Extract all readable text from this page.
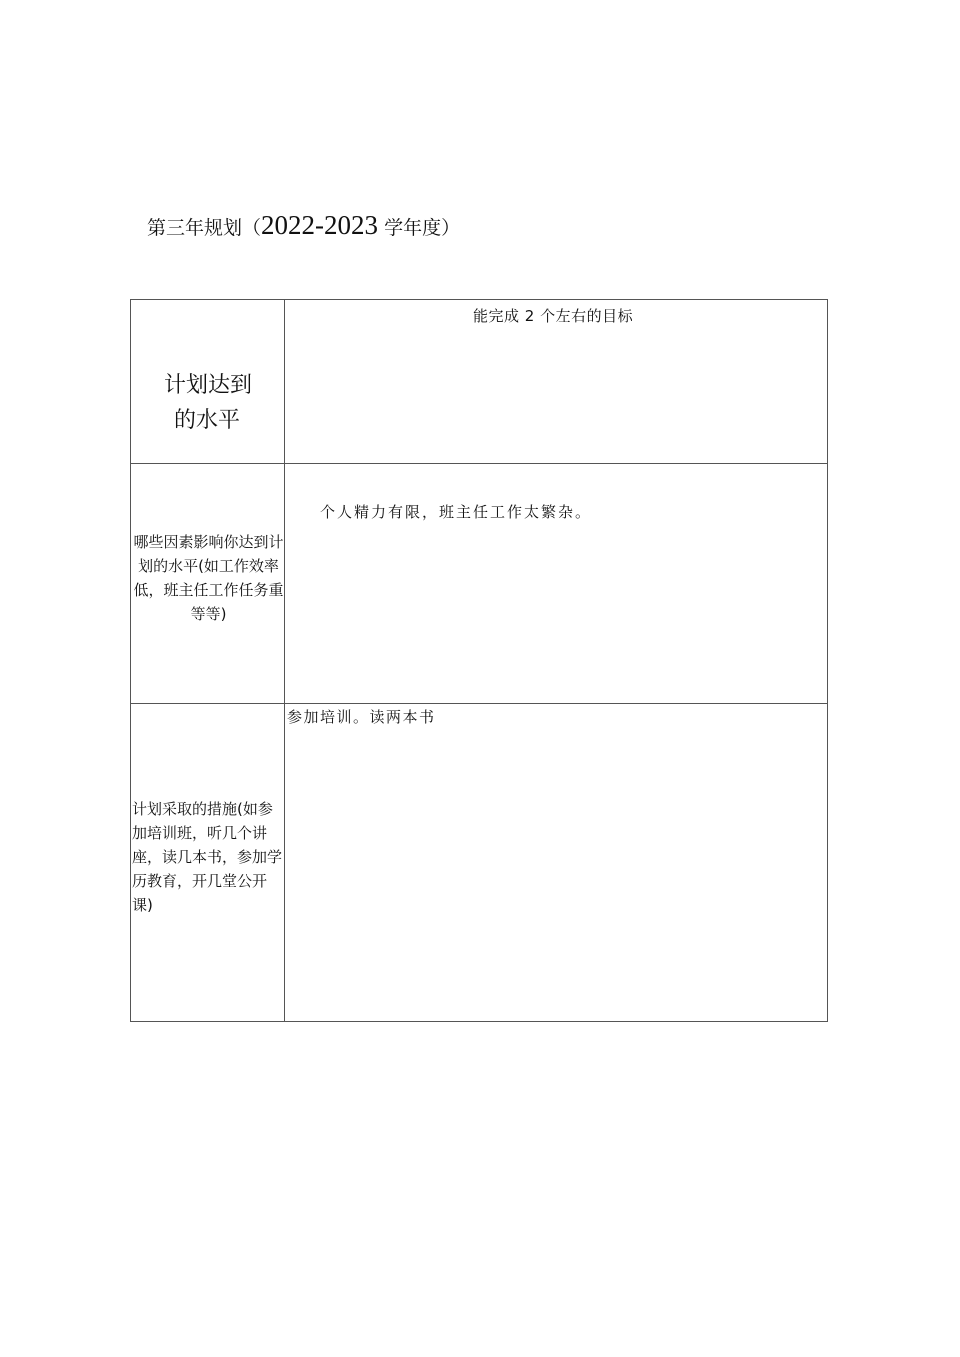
第三年规划（2022-2023 学年度）
计划达到
的水平
能完成 2 个左右的目标
哪些因素影响你达到计划的水平(如工作效率低，班主任工作任务重等等)
个人精力有限，班主任工作太繁杂。
计划采取的措施(如参加培训班，听几个讲座，读几本书，参加学历教育，开几堂公开课)
参加培训。读两本书
